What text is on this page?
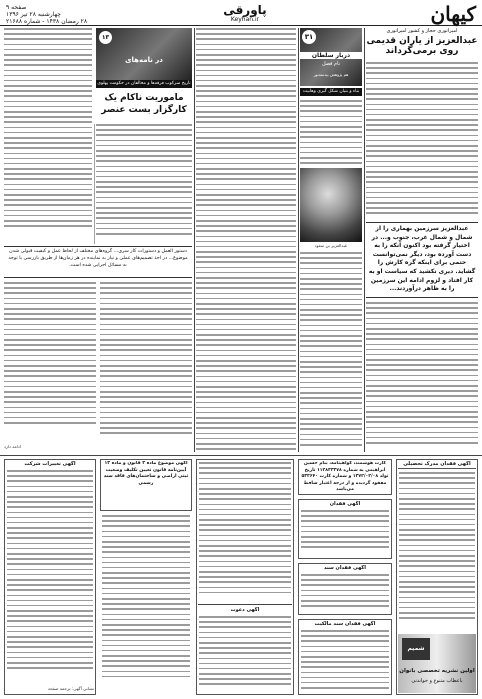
کیهان
پاورقی
Keyhan.ir
صفحه ۹
چهارشنبه ۲۸ تیر ۱۳۹۶
۲۸ رمضان ۱۴۳۸ - شماره ۲۱۶۸۸
۳۱
دربار سلطان
نام فصل
هم پژوهش بیدسه‌نور
امپراتوری حجاز و کشور امپراتوری
عبدالعزیز از یاران قدیمی روی برمی‌گرداند
بناء و بنیان شکل گیری وهابیت
عبدالعزیز سرزمین بهماری را از شمال و شمال غرب، جنوب و... در اختیار گرفته بود اکنون آنکه را به دست آورده بود، دیگر نمی‌توانست حتمی برای اینکه گره کارش را گشاید. دیری نکشید که سیاست او به کار افتاد و لزوم ادامه این سرزمین را به ظاهر درآوردند...
عبدالعزیز بن سعود
۱۳
در نامه‌های
تاریخ سرکوب فرقه‌ها و مخالفان در حکومت پهلوی
ماموریت ناکام یک کارگزار بست عنصر
دستور العمل و دستورات کار سری... گروه‌های مختلف از لحاظ عمل و کیفیت قبولی شدن موضوع... در اخذ تصمیم‌های عملی و نیاز به نماینده در هر زمان‌ها از طریق بازرسی با توجه به مسائل اجرایی شده است.
ادامه دارد
آگهی فقدان مدرک تحصیلی
شمیم
اولین نشریه تخصصی بانوان
باعطاب متنوع و خواندنی
کارت هوشمند، گواهینامه، بنام حسین ابراهیمی به شماره ۱۱۲۸۳۳۳۷۸ تاریخ تولد ۱۳۷۲/۰۲/۰۸ و شماره کارت ۵۳۳۶۴۰ مفقود گردیده و از درجه اعتبار ساقط می‌باشد
آگهی فقدان
آگهی فقدان سند
آگهی فقدان سند مالکیت
آگهی دعوت
آگهی موضوع ماده ۳ قانون و ماده ۱۳ آیین‌نامه قانون تعیین تکلیف وضعیت ثبتی اراضی و ساختمان‌های فاقد سند رسمی
آگهی تغییرات شرکت
نشانی آگهی: ترجمه صفحه
